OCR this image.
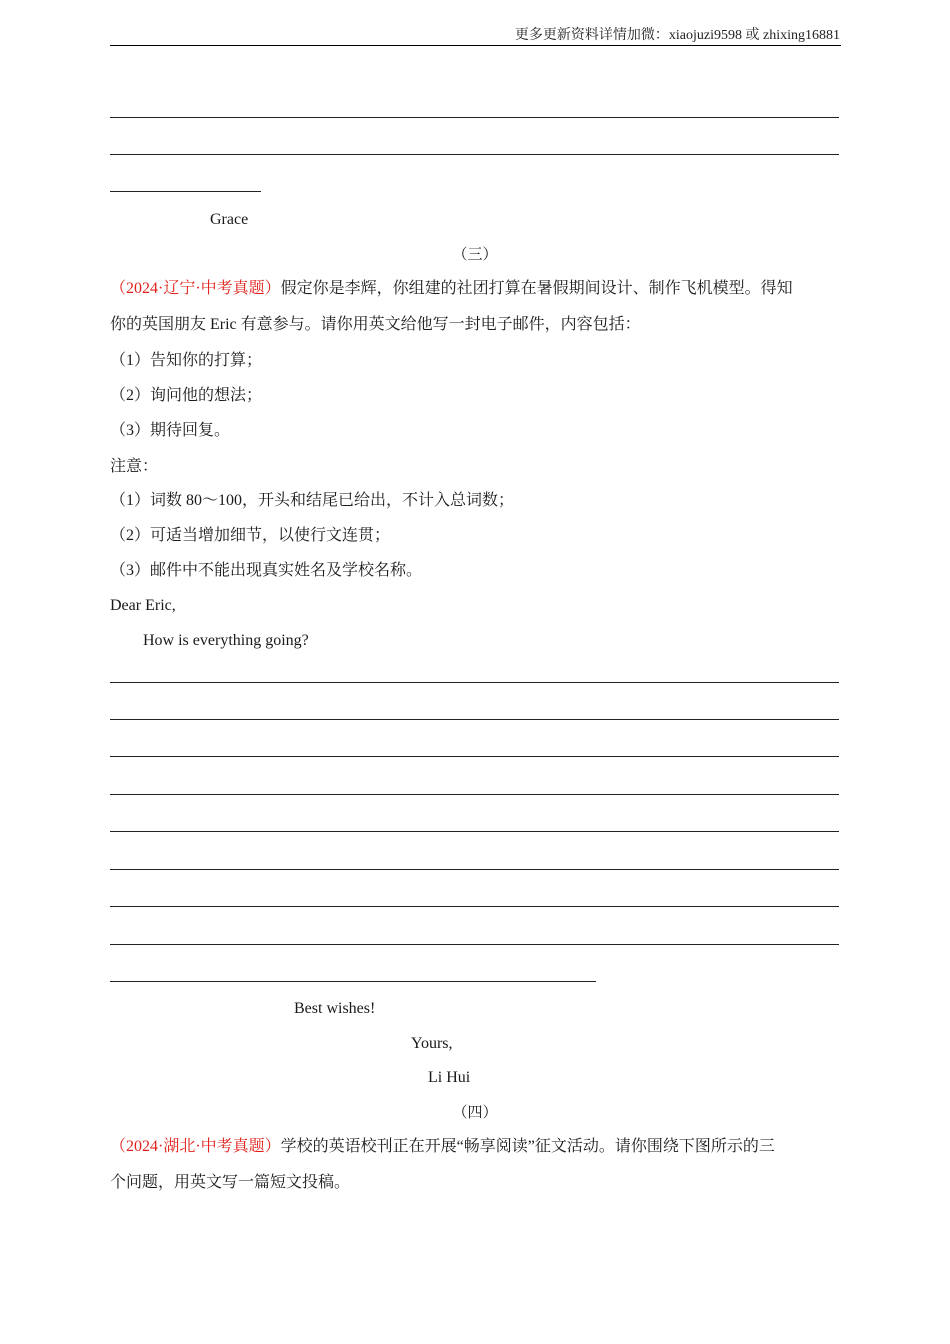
更多更新资料详情加微：xiaojuzi9598 或 zhixing16881
Grace
（三）
（2024·辽宁·中考真题）假定你是李辉，你组建的社团打算在暑假期间设计、制作飞机模型。得知
你的英国朋友 Eric 有意参与。请你用英文给他写一封电子邮件，内容包括：
（1）告知你的打算；
（2）询问他的想法；
（3）期待回复。
注意：
（1）词数 80～100，开头和结尾已给出，不计入总词数；
（2）可适当增加细节，以使行文连贯；
（3）邮件中不能出现真实姓名及学校名称。
Dear Eric,
How is everything going?
Best wishes!
Yours,
Li Hui
（四）
（2024·湖北·中考真题）学校的英语校刊正在开展“畅享阅读”征文活动。请你围绕下图所示的三
个问题，用英文写一篇短文投稿。
